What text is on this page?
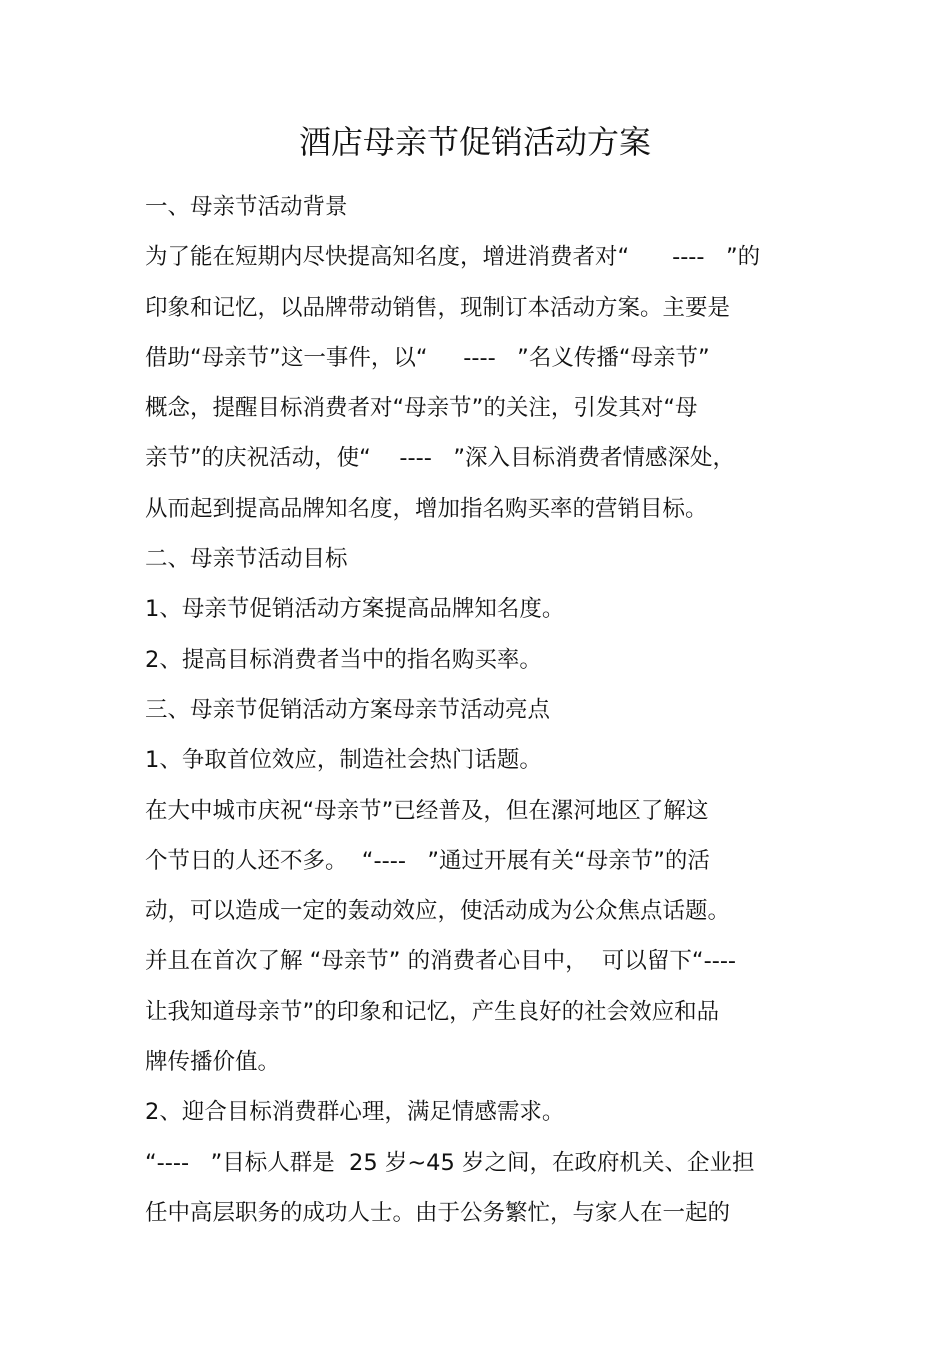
酒店母亲节促销活动方案
一、母亲节活动背景
为了能在短期内尽快提高知名度，增进消费者对“      ----   ”的
印象和记忆，以品牌带动销售，现制订本活动方案。主要是
借助“母亲节”这一事件，以“     ----   ”名义传播“母亲节”
概念，提醒目标消费者对“母亲节”的关注，引发其对“母
亲节”的庆祝活动，使“    ----   ”深入目标消费者情感深处，
从而起到提高品牌知名度，增加指名购买率的营销目标。
二、母亲节活动目标
1、母亲节促销活动方案提高品牌知名度。
2、提高目标消费者当中的指名购买率。
三、母亲节促销活动方案母亲节活动亮点
1、争取首位效应，制造社会热门话题。
在大中城市庆祝“母亲节”已经普及，但在漯河地区了解这
个节日的人还不多。  “----   ”通过开展有关“母亲节”的活
动，可以造成一定的轰动效应，使活动成为公众焦点话题。
并且在首次了解 “母亲节” 的消费者心目中，  可以留下“----
让我知道母亲节”的印象和记忆，产生良好的社会效应和品
牌传播价值。
2、迎合目标消费群心理，满足情感需求。
“----   ”目标人群是  25 岁~45 岁之间，在政府机关、企业担
任中高层职务的成功人士。由于公务繁忙，与家人在一起的
